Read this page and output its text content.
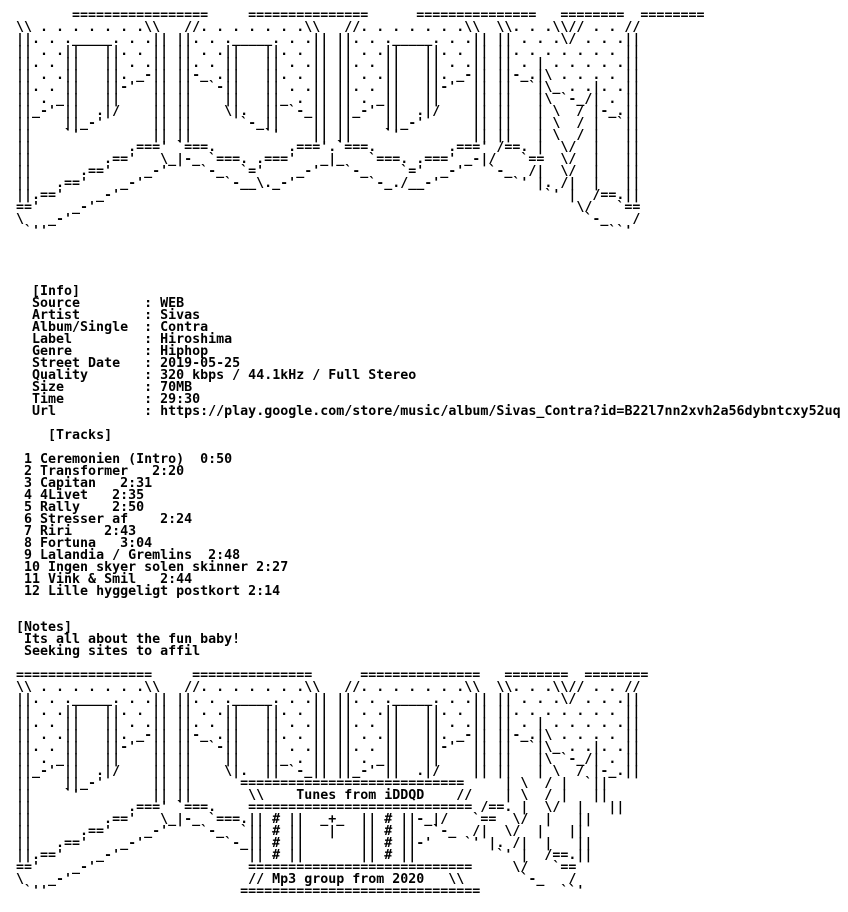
=================     ===============      ===============   ========  ========
\\ . . . . . . .\\   //. . . . . . .\\   //. . . . . . .\\  \\. . .\\// . . //
||. . ._____. . .|| ||. . ._____. . .|| ||. . ._____. . .|| || . . .\/ . . .||
|| . .||   ||. . || || . .||   ||. . || || . .||   ||. . || ||. . . . . . . ||
||. . ||   || . .|| ||. . ||   || . .|| ||. . ||   || . .|| || . | . . . . .||
|| . .||   ||. _-|| ||-_ .||   ||. . || || . .||   ||. _-|| ||-_.|\ . . . . ||
||. . ||   ||-'  || ||  `-||   || . .|| ||. . ||   ||-'  || ||  `|\_ . .|. .||
|| . _||   ||    || ||    ||   ||_ . || || . _||   ||    || ||   |\ `-_/| . ||
||_-' ||  .|/    || ||    \|.  || `-_|| ||_-' ||  .|/    || ||   | \  / |-_.||
||    ||_-'      || ||      `-_||    || ||    ||_-'      || ||   | \  / |  `||
||    `'         || ||         `'    || ||    `'         || ||   | \  / |   ||
||            .===' `===.         .==='.`===.         .===' /==. |  \/  |   ||
||         .=='   \_|-_ `===. .==='   _|_   `===. .===' _-|/   `==  \/  |   ||
||      .=='    _-'    `-_  `='    _-'   `-_    `='  _-'   `-_  /|  \/  |   ||
||   .=='    _-'          `-__\._-'         `-_./__-'         `' |. /|  |   ||
||.=='    _-'                                                     `' |  /==.||
=='    _-'                                                            \/   `==
\   _-'                                                                `-_   /
`''                                                                      ``'

[Info]
Source        : WEB
Artist        : Sivas
Album/Single  : Contra
Label         : Hiroshima
Genre         : Hiphop
Street Date   : 2019-05-25
Quality       : 320 kbps / 44.1kHz / Full Stereo
Size          : 70MB
Time          : 29:30
Url           : https://play.google.com/store/music/album/Sivas_Contra?id=B22l7nn2xvh2a56dybntcxy52uq

[Tracks]

1 Ceremonien (Intro)  0:50
2 Transformer   2:20
3 Capitan   2:31
4 4Livet   2:35
5 Rally    2:50
6 Stresser af    2:24
7 Riri    2:43
8 Fortuna   3:04
9 Lalandia / Gremlins  2:48
10 Ingen skyer solen skinner 2:27
11 Vink & Smil   2:44
12 Lille hyggeligt postkort 2:14

[Notes]
Its all about the fun baby!
Seeking sites to affil

=================     ===============      ===============   ========  ========
\\ . . . . . . .\\   //. . . . . . .\\   //. . . . . . .\\  \\. . .\\// . . //
||. . ._____. . .|| ||. . ._____. . .|| ||. . ._____. . .|| || . . .\/ . . .||
|| . .||   ||. . || || . .||   ||. . || || . .||   ||. . || ||. . . . . . . ||
||. . ||   || . .|| ||. . ||   || . .|| ||. . ||   || . .|| || . | . . . . .||
|| . .||   ||. _-|| ||-_ .||   ||. . || || . .||   ||. _-|| ||-_.|\ . . . . ||
||. . ||   ||-'  || ||  `-||   || . .|| ||. . ||   ||-'  || ||  `|\_ . .|. .||
|| . _||   ||    || ||    ||   ||_ . || || . _||   ||    || ||   |\ `-_/| . ||
||_-' ||  .|/    || ||    \|.  || `-_|| ||_-' ||  .|/    || ||   | \  / |-_.||
||    ||_-'      || ||      ============================     | \  / |  `||
||    `'         || ||       \\    Tunes from iDDQD    //    | \  / |   ||
||            .===' `===.    ============================ /==. |  \/  |   ||
||         .=='   \_|-_ `===.|| # ||  _+_  || # ||-_|/   `==  \/  |   ||
||      .=='    _-'    `-_  `|| # ||   |   || # ||  `-_  /|  \/  |   ||
||   .=='    _-'          `-_|| # ||       || # ||-'    `' |. /|  |   ||
||.=='    _-'                || # ||       || # ||          `' |  /==.||
=='    _-'                   ============================     \/   `==
\   _-'                      // Mp3 group from 2020   \\       `-_   /
`''                        ==============================          ``'
